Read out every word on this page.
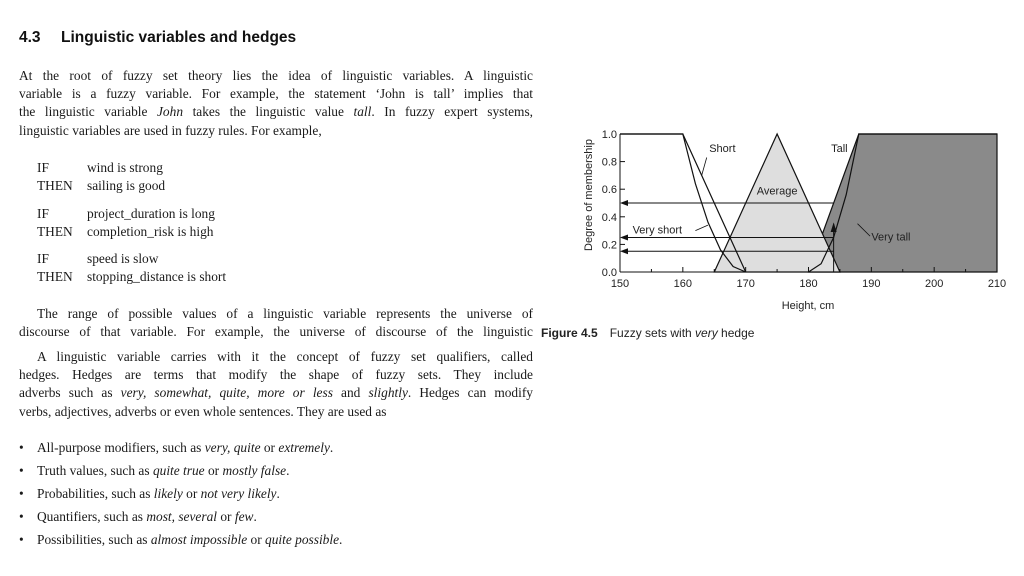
4.3 Linguistic variables and hedges
At the root of fuzzy set theory lies the idea of linguistic variables. A linguistic
variable is a fuzzy variable. For example, the statement ‘John is tall’ implies that
the linguistic variable John takes the linguistic value tall. In fuzzy expert systems,
linguistic variables are used in fuzzy rules. For example,
IF	wind is strong
THEN	sailing is good
IF	project_duration is long
THEN	completion_risk is high
IF	speed is slow
THEN	stopping_distance is short
The range of possible values of a linguistic variable represents the universe of
discourse of that variable. For example, the universe of discourse of the linguistic
A linguistic variable carries with it the concept of fuzzy set qualifiers, called
hedges. Hedges are terms that modify the shape of fuzzy sets. They include
adverbs such as very, somewhat, quite, more or less and slightly. Hedges can modify
verbs, adjectives, adverbs or even whole sentences. They are used as
• All-purpose modifiers, such as very, quite or extremely.
• Truth values, such as quite true or mostly false.
• Probabilities, such as likely or not very likely.
• Quantifiers, such as most, several or few.
• Possibilities, such as almost impossible or quite possible.
150	160	170	180	190	200	210
0.0
0.2
0.4
0.6
0.8
1.0
Short
Average
Tall
Very short
Very tall
Degree of membership
Height, cm
Figure 4.5 Fuzzy sets with very hedge
